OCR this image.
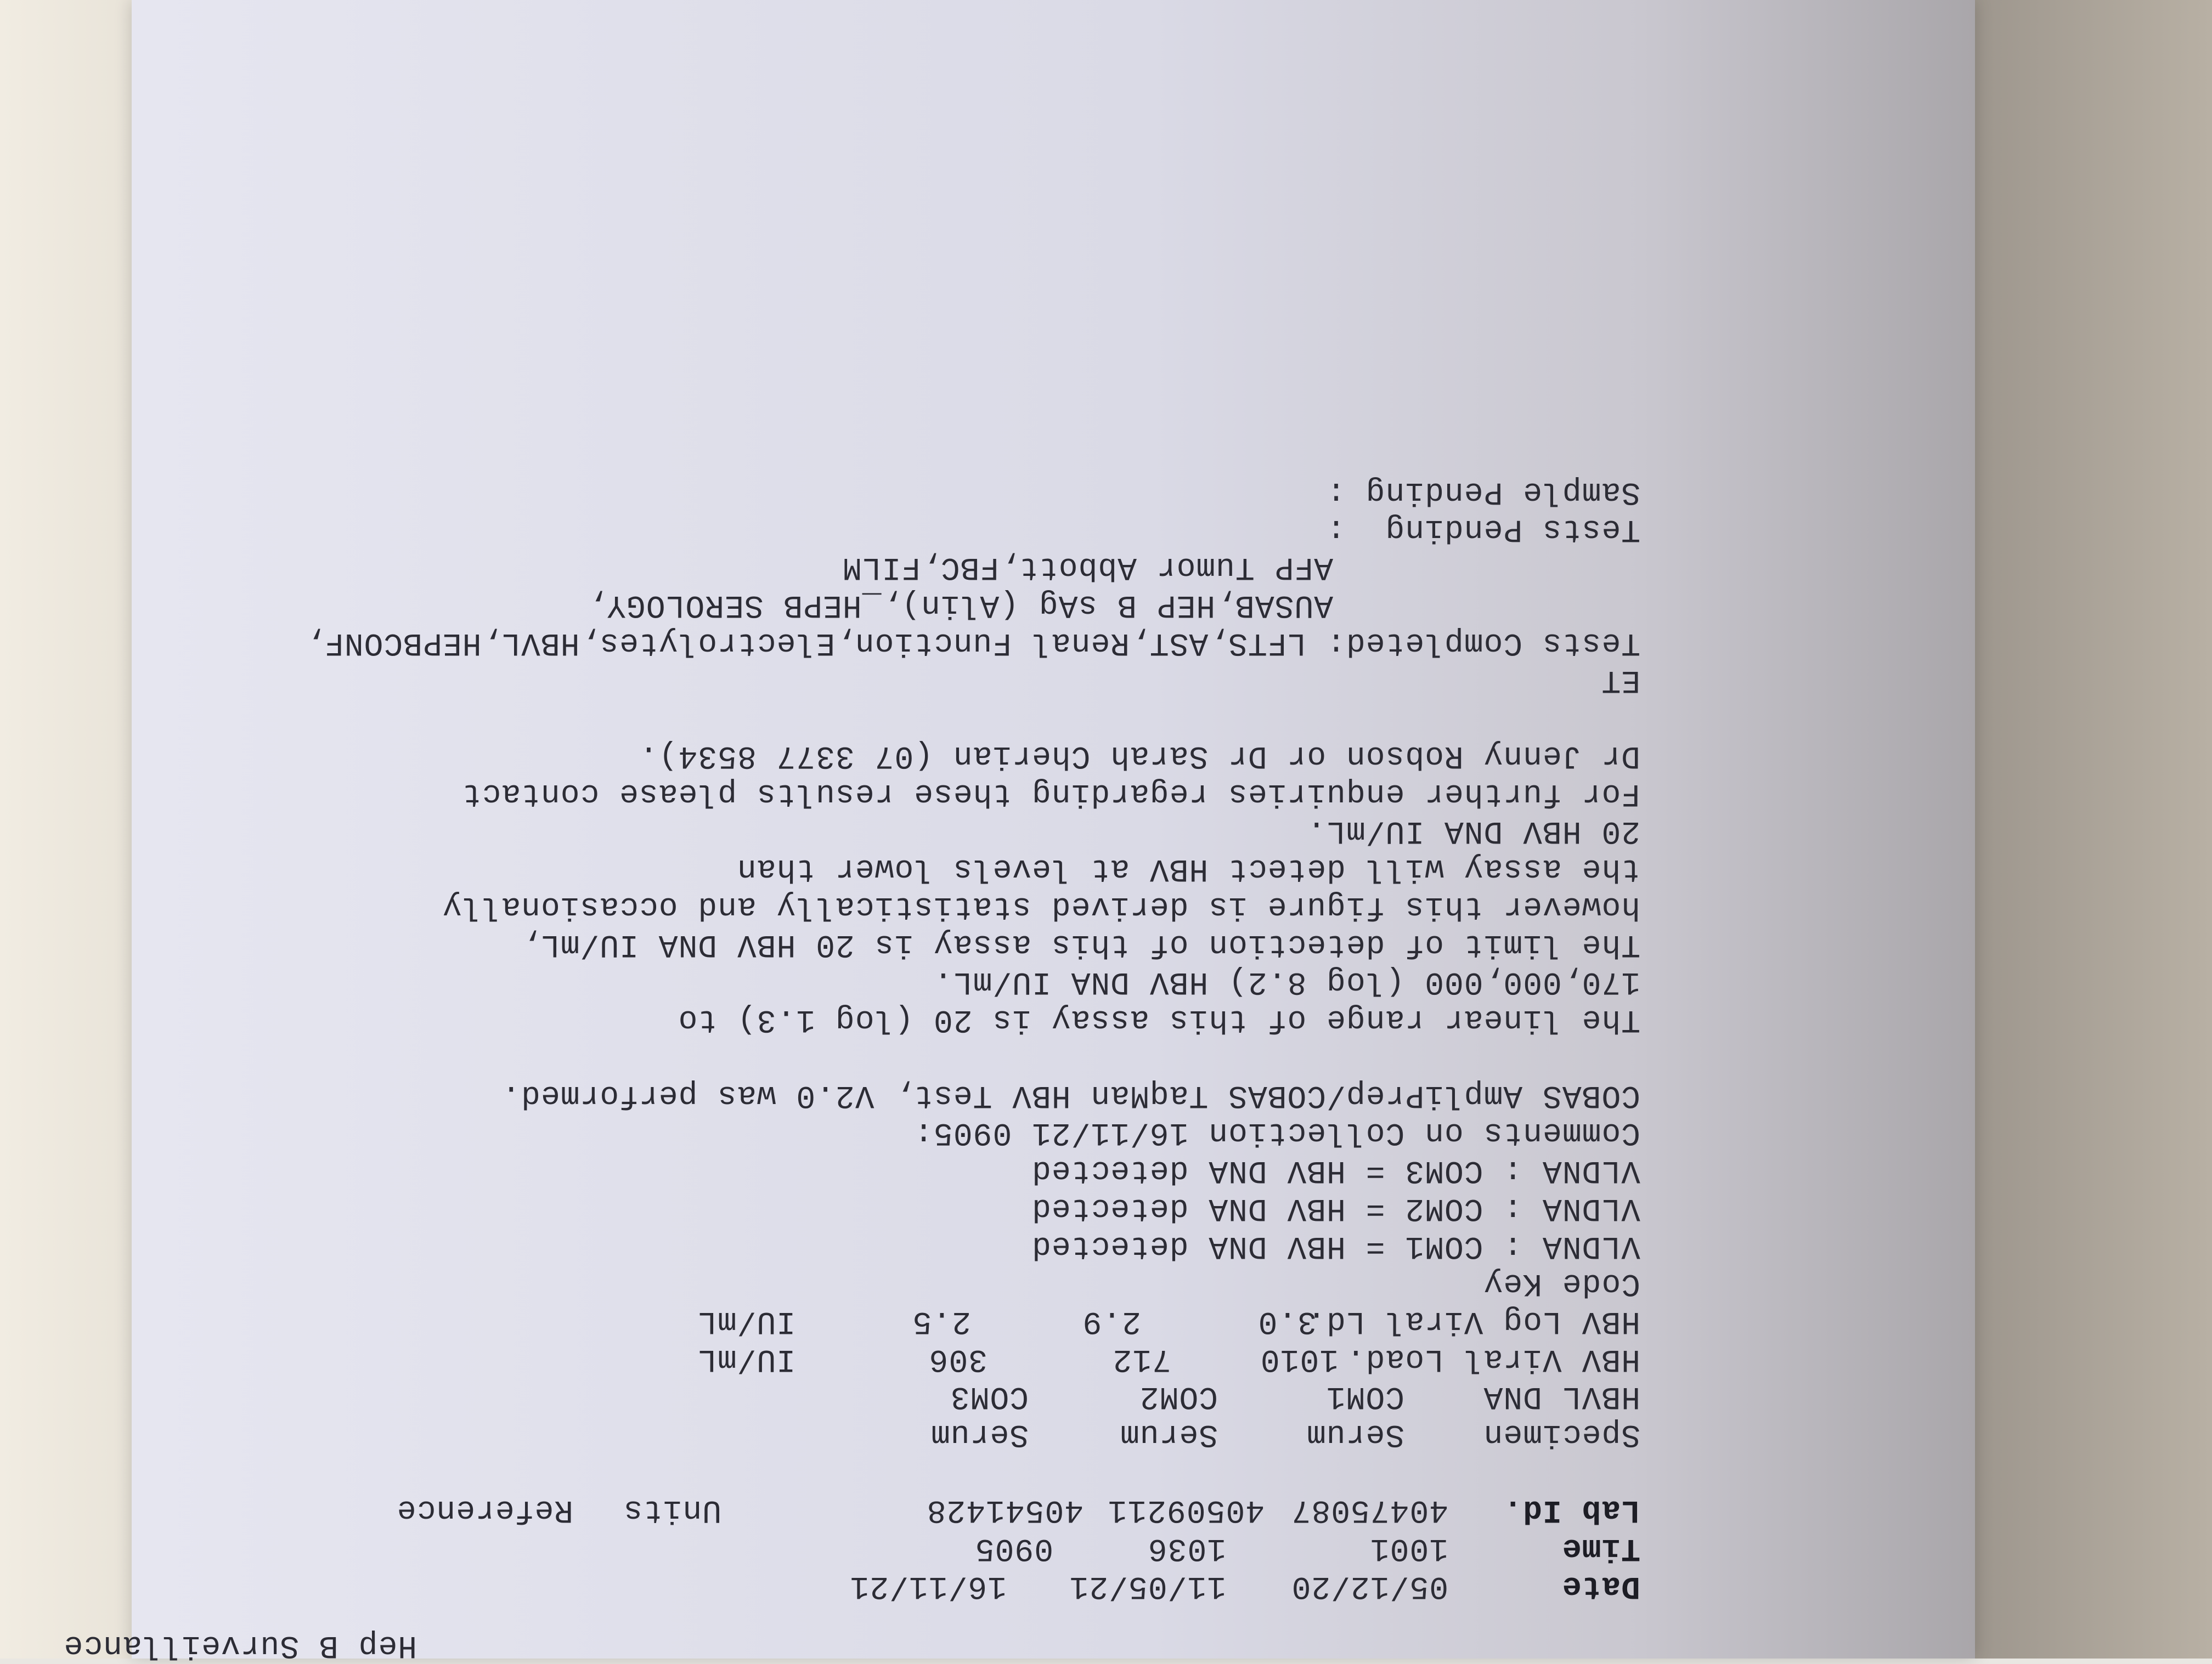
Hep B Surveillance
Date
05/12/20
11/05/21
16/11/21
Time
1001
1036
0905
Lab Id.
40475087
40509211
40541428
Units
Reference
Specimen
Serum
Serum
Serum
HBVL DNA
COM1
COM2
COM3
HBV Viral Load.
1010
712
306
IU/mL
HBV Log Viral Ld.
3.0
2.9
2.5
IU/mL
Code Key
VLDNA : COM1 = HBV DNA detected
VLDNA : COM2 = HBV DNA detected
VLDNA : COM3 = HBV DNA detected
Comments on Collection 16/11/21 0905:
COBAS AmpliPrep/COBAS TaqMan HBV Test, V2.0 was performed.
The linear range of this assay is 20 (log 1.3) to
170,000,000 (log 8.2) HBV DNA IU/mL.
The limit of detection of this assay is 20 HBV DNA IU/mL,
however this figure is derived statistically and occasionally
the assay will detect HBV at levels lower than
20 HBV DNA IU/mL.
For further enquiries regarding these results please contact
Dr Jenny Robson or Dr Sarah Cherian (07 3377 8534).
ET
Tests Completed: LFTS,AST,Renal Function,Electrolytes,HBVL,HEPBCONF,
AUSAB,HEP B sAg (Alin),_HEPB SEROLOGY,
AFP Tumor Abbott,FBC,FILM
Tests Pending  :
Sample Pending :
